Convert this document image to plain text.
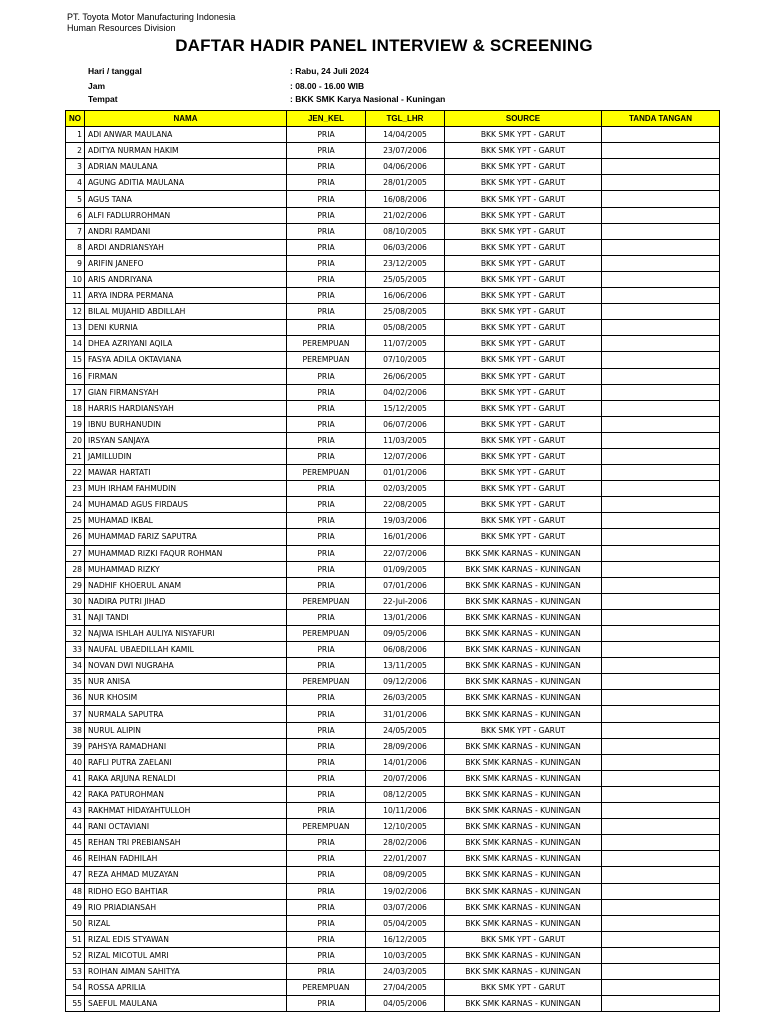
PT. Toyota Motor Manufacturing Indonesia
Human Resources Division
DAFTAR HADIR PANEL INTERVIEW & SCREENING
Hari / tanggal	: Rabu, 24 Juli 2024
Jam	: 08.00 - 16.00 WIB
Tempat	: BKK SMK Karya Nasional - Kuningan
NO	NAMA	JEN_KEL	TGL_LHR	SOURCE	TANDA TANGAN
1	ADI ANWAR MAULANA	PRIA	14/04/2005	BKK SMK YPT - GARUT	
2	ADITYA NURMAN HAKIM	PRIA	23/07/2006	BKK SMK YPT - GARUT	
3	ADRIAN MAULANA	PRIA	04/06/2006	BKK SMK YPT - GARUT	
4	AGUNG ADITIA MAULANA	PRIA	28/01/2005	BKK SMK YPT - GARUT	
5	AGUS TANA	PRIA	16/08/2006	BKK SMK YPT - GARUT	
6	ALFI FADLURROHMAN	PRIA	21/02/2006	BKK SMK YPT - GARUT	
7	ANDRI RAMDANI	PRIA	08/10/2005	BKK SMK YPT - GARUT	
8	ARDI ANDRIANSYAH	PRIA	06/03/2006	BKK SMK YPT - GARUT	
9	ARIFIN JANEFO	PRIA	23/12/2005	BKK SMK YPT - GARUT	
10	ARIS ANDRIYANA	PRIA	25/05/2005	BKK SMK YPT - GARUT	
11	ARYA INDRA PERMANA	PRIA	16/06/2006	BKK SMK YPT - GARUT	
12	BILAL MUJAHID ABDILLAH	PRIA	25/08/2005	BKK SMK YPT - GARUT	
13	DENI KURNIA	PRIA	05/08/2005	BKK SMK YPT - GARUT	
14	DHEA AZRIYANI AQILA	PEREMPUAN	11/07/2005	BKK SMK YPT - GARUT	
15	FASYA ADILA OKTAVIANA	PEREMPUAN	07/10/2005	BKK SMK YPT - GARUT	
16	FIRMAN	PRIA	26/06/2005	BKK SMK YPT - GARUT	
17	GIAN FIRMANSYAH	PRIA	04/02/2006	BKK SMK YPT - GARUT	
18	HARRIS HARDIANSYAH	PRIA	15/12/2005	BKK SMK YPT - GARUT	
19	IBNU BURHANUDIN	PRIA	06/07/2006	BKK SMK YPT - GARUT	
20	IRSYAN SANJAYA	PRIA	11/03/2005	BKK SMK YPT - GARUT	
21	JAMILLUDIN	PRIA	12/07/2006	BKK SMK YPT - GARUT	
22	MAWAR HARTATI	PEREMPUAN	01/01/2006	BKK SMK YPT - GARUT	
23	MUH IRHAM FAHMUDIN	PRIA	02/03/2005	BKK SMK YPT - GARUT	
24	MUHAMAD AGUS FIRDAUS	PRIA	22/08/2005	BKK SMK YPT - GARUT	
25	MUHAMAD IKBAL	PRIA	19/03/2006	BKK SMK YPT - GARUT	
26	MUHAMMAD FARIZ SAPUTRA	PRIA	16/01/2006	BKK SMK YPT - GARUT	
27	MUHAMMAD RIZKI FAQUR ROHMAN	PRIA	22/07/2006	BKK SMK KARNAS - KUNINGAN	
28	MUHAMMAD RIZKY	PRIA	01/09/2005	BKK SMK KARNAS - KUNINGAN	
29	NADHIF KHOERUL ANAM	PRIA	07/01/2006	BKK SMK KARNAS - KUNINGAN	
30	NADIRA PUTRI JIHAD	PEREMPUAN	22-Jul-2006	BKK SMK KARNAS - KUNINGAN	
31	NAJI TANDI	PRIA	13/01/2006	BKK SMK KARNAS - KUNINGAN	
32	NAJWA ISHLAH AULIYA NISYAFURI	PEREMPUAN	09/05/2006	BKK SMK KARNAS - KUNINGAN	
33	NAUFAL UBAEDILLAH KAMIL	PRIA	06/08/2006	BKK SMK KARNAS - KUNINGAN	
34	NOVAN DWI NUGRAHA	PRIA	13/11/2005	BKK SMK KARNAS - KUNINGAN	
35	NUR ANISA	PEREMPUAN	09/12/2006	BKK SMK KARNAS - KUNINGAN	
36	NUR KHOSIM	PRIA	26/03/2005	BKK SMK KARNAS - KUNINGAN	
37	NURMALA SAPUTRA	PRIA	31/01/2006	BKK SMK KARNAS - KUNINGAN	
38	NURUL ALIPIN	PRIA	24/05/2005	BKK SMK YPT - GARUT	
39	PAHSYA RAMADHANI	PRIA	28/09/2006	BKK SMK KARNAS - KUNINGAN	
40	RAFLI PUTRA ZAELANI	PRIA	14/01/2006	BKK SMK KARNAS - KUNINGAN	
41	RAKA ARJUNA RENALDI	PRIA	20/07/2006	BKK SMK KARNAS - KUNINGAN	
42	RAKA PATUROHMAN	PRIA	08/12/2005	BKK SMK KARNAS - KUNINGAN	
43	RAKHMAT HIDAYAHTULLOH	PRIA	10/11/2006	BKK SMK KARNAS - KUNINGAN	
44	RANI OCTAVIANI	PEREMPUAN	12/10/2005	BKK SMK KARNAS - KUNINGAN	
45	REHAN TRI PREBIANSAH	PRIA	28/02/2006	BKK SMK KARNAS - KUNINGAN	
46	REIHAN FADHILAH	PRIA	22/01/2007	BKK SMK KARNAS - KUNINGAN	
47	REZA AHMAD MUZAYAN	PRIA	08/09/2005	BKK SMK KARNAS - KUNINGAN	
48	RIDHO EGO BAHTIAR	PRIA	19/02/2006	BKK SMK KARNAS - KUNINGAN	
49	RIO PRIADIANSAH	PRIA	03/07/2006	BKK SMK KARNAS - KUNINGAN	
50	RIZAL	PRIA	05/04/2005	BKK SMK KARNAS - KUNINGAN	
51	RIZAL EDIS STYAWAN	PRIA	16/12/2005	BKK SMK YPT - GARUT	
52	RIZAL MICOTUL AMRI	PRIA	10/03/2005	BKK SMK KARNAS - KUNINGAN	
53	ROIHAN AIMAN SAHITYA	PRIA	24/03/2005	BKK SMK KARNAS - KUNINGAN	
54	ROSSA APRILIA	PEREMPUAN	27/04/2005	BKK SMK YPT - GARUT	
55	SAEFUL MAULANA	PRIA	04/05/2006	BKK SMK KARNAS - KUNINGAN	
